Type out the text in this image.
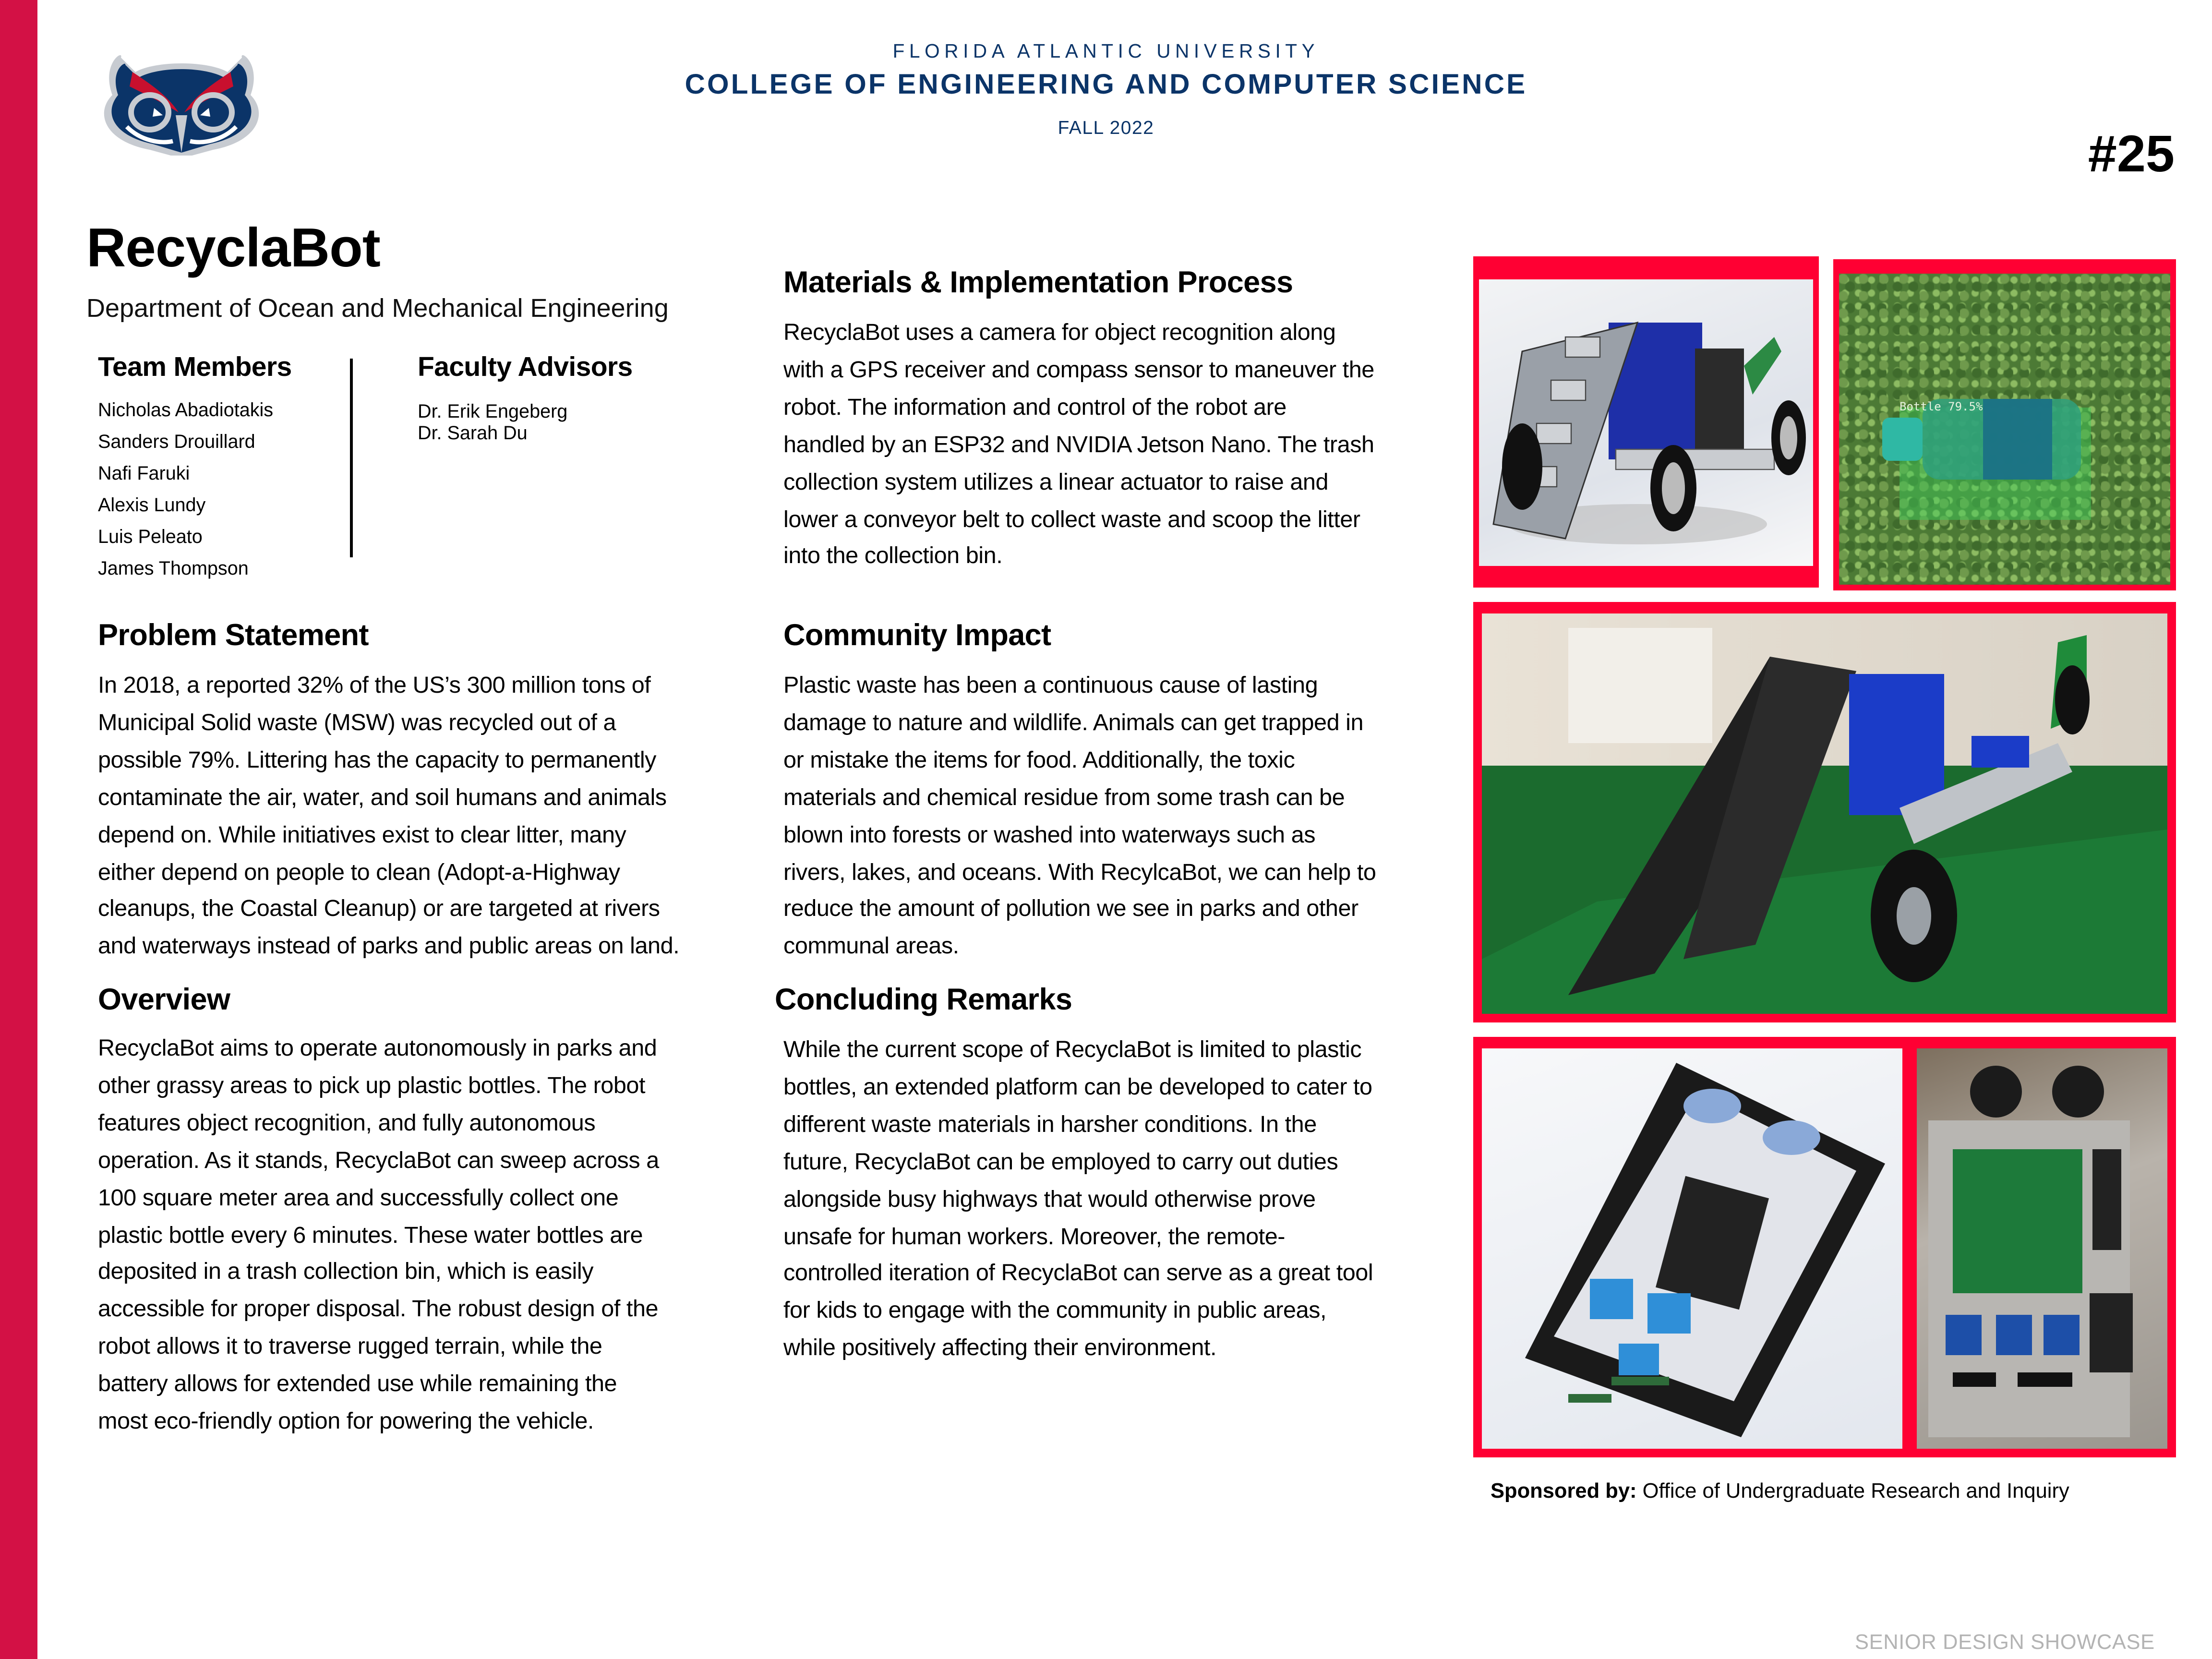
FLORIDA ATLANTIC UNIVERSITY
COLLEGE OF ENGINEERING AND COMPUTER SCIENCE
FALL 2022	#25
RecyclaBot
Department of Ocean and Mechanical Engineering
Team Members
Nicholas Abadiotakis
Sanders Drouillard
Nafi Faruki
Alexis Lundy
Luis Peleato
James Thompson
Faculty Advisors
Dr. Erik Engeberg
Dr. Sarah Du
Materials & Implementation Process
RecyclaBot uses a camera for object recognition along
with a GPS receiver and compass sensor to maneuver the
robot. The information and control of the robot are
handled by an ESP32 and NVIDIA Jetson Nano. The trash
collection system utilizes a linear actuator to raise and
lower a conveyor belt to collect waste and scoop the litter
into the collection bin.
Problem Statement
In 2018, a reported 32% of the US’s 300 million tons of
Municipal Solid waste (MSW) was recycled out of a
possible 79%. Littering has the capacity to permanently
contaminate the air, water, and soil humans and animals
depend on. While initiatives exist to clear litter, many
either depend on people to clean (Adopt-a-Highway
cleanups, the Coastal Cleanup) or are targeted at rivers
and waterways instead of parks and public areas on land.
Community Impact
Plastic waste has been a continuous cause of lasting
damage to nature and wildlife. Animals can get trapped in
or mistake the items for food. Additionally, the toxic
materials and chemical residue from some trash can be
blown into forests or washed into waterways such as
rivers, lakes, and oceans. With RecylcaBot, we can help to
reduce the amount of pollution we see in parks and other
communal areas.
Overview
RecyclaBot aims to operate autonomously in parks and
other grassy areas to pick up plastic bottles. The robot
features object recognition, and fully autonomous
operation. As it stands, RecyclaBot can sweep across a
100 square meter area and successfully collect one
plastic bottle every 6 minutes. These water bottles are
deposited in a trash collection bin, which is easily
accessible for proper disposal. The robust design of the
robot allows it to traverse rugged terrain, while the
battery allows for extended use while remaining the
most eco-friendly option for powering the vehicle.
Concluding Remarks
While the current scope of RecyclaBot is limited to plastic
bottles, an extended platform can be developed to cater to
different waste materials in harsher conditions. In the
future, RecyclaBot can be employed to carry out duties
alongside busy highways that would otherwise prove
unsafe for human workers. Moreover, the remote-
controlled iteration of RecyclaBot can serve as a great tool
for kids to engage with the community in public areas,
while positively affecting their environment.
Bottle 79.5%
Sponsored by: Office of Undergraduate Research and Inquiry
SENIOR DESIGN SHOWCASE
